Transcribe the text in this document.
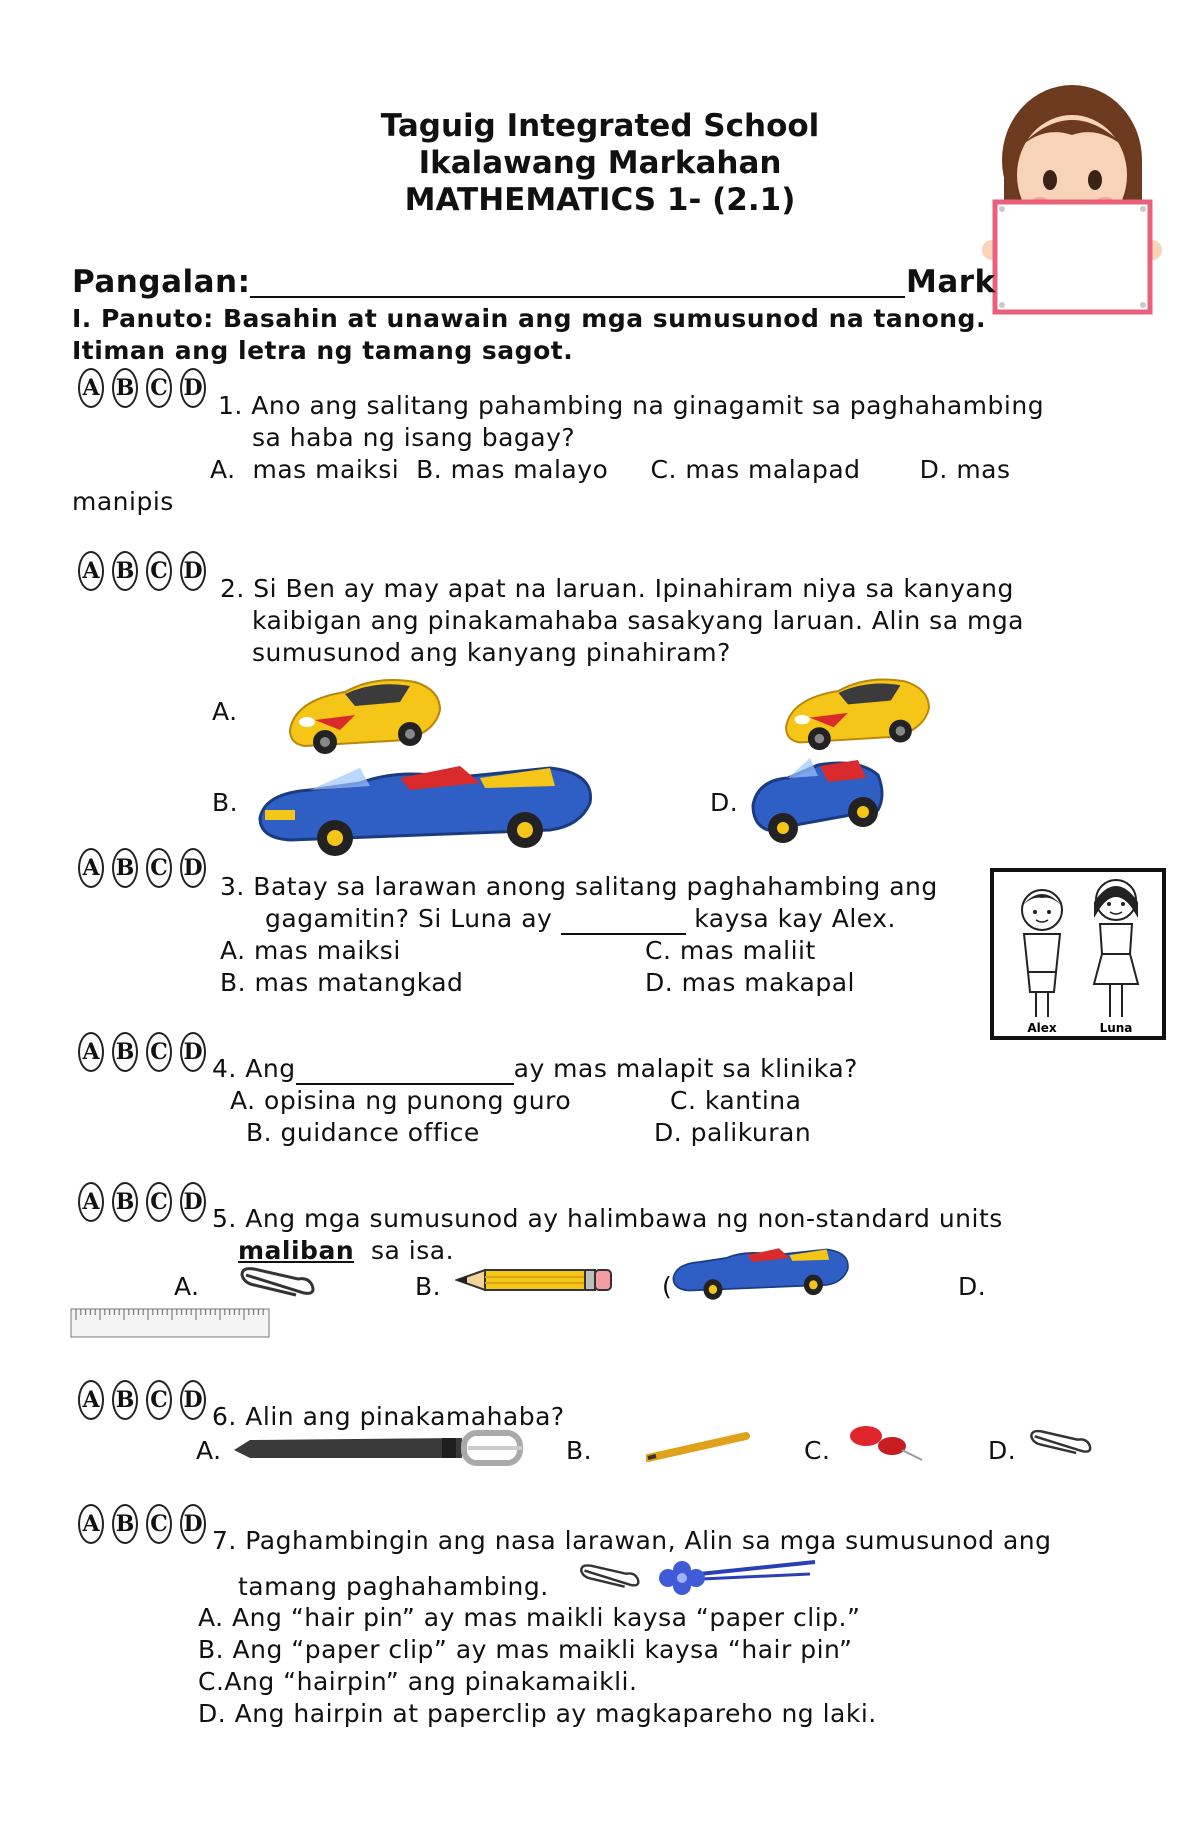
Taguig Integrated School
Ikalawang Markahan
MATHEMATICS 1- (2.1)
Pangalan:	Mark
I. Panuto: Basahin at unawain ang mga sumusunod na tanong.
Itiman ang letra ng tamang sagot.
A B C D
1. Ano ang salitang pahambing na ginagamit sa paghahambing
sa haba ng isang bagay?
A.  mas maiksi  B. mas malayo     C. mas malapad       D. mas
manipis
A B C D
2. Si Ben ay may apat na laruan. Ipinahiram niya sa kanyang
kaibigan ang pinakamahaba sasakyang laruan. Alin sa mga
sumusunod ang kanyang pinahiram?
A.
B.	D.
A B C D
3. Batay sa larawan anong salitang paghahambing ang
gagamitin? Si Luna ay	kaysa kay Alex.
A. mas maiksi
B. mas matangkad
C. mas maliit
D. mas makapal
Alex	Luna
A B C D
4. Ang	ay mas malapit sa klinika?
A. opisina ng punong guro
B. guidance office
C. kantina
D. palikuran
A B C D
5. Ang mga sumusunod ay halimbawa ng non-standard units
maliban  sa isa.
A.	B.	(	D.
A B C D
6. Alin ang pinakamahaba?
A.	B.	C.	D.
A B C D
7. Paghambingin ang nasa larawan, Alin sa mga sumusunod ang
tamang paghahambing.
A. Ang “hair pin” ay mas maikli kaysa “paper clip.”
B. Ang “paper clip” ay mas maikli kaysa “hair pin”
C.Ang “hairpin” ang pinakamaikli.
D. Ang hairpin at paperclip ay magkapareho ng laki.
